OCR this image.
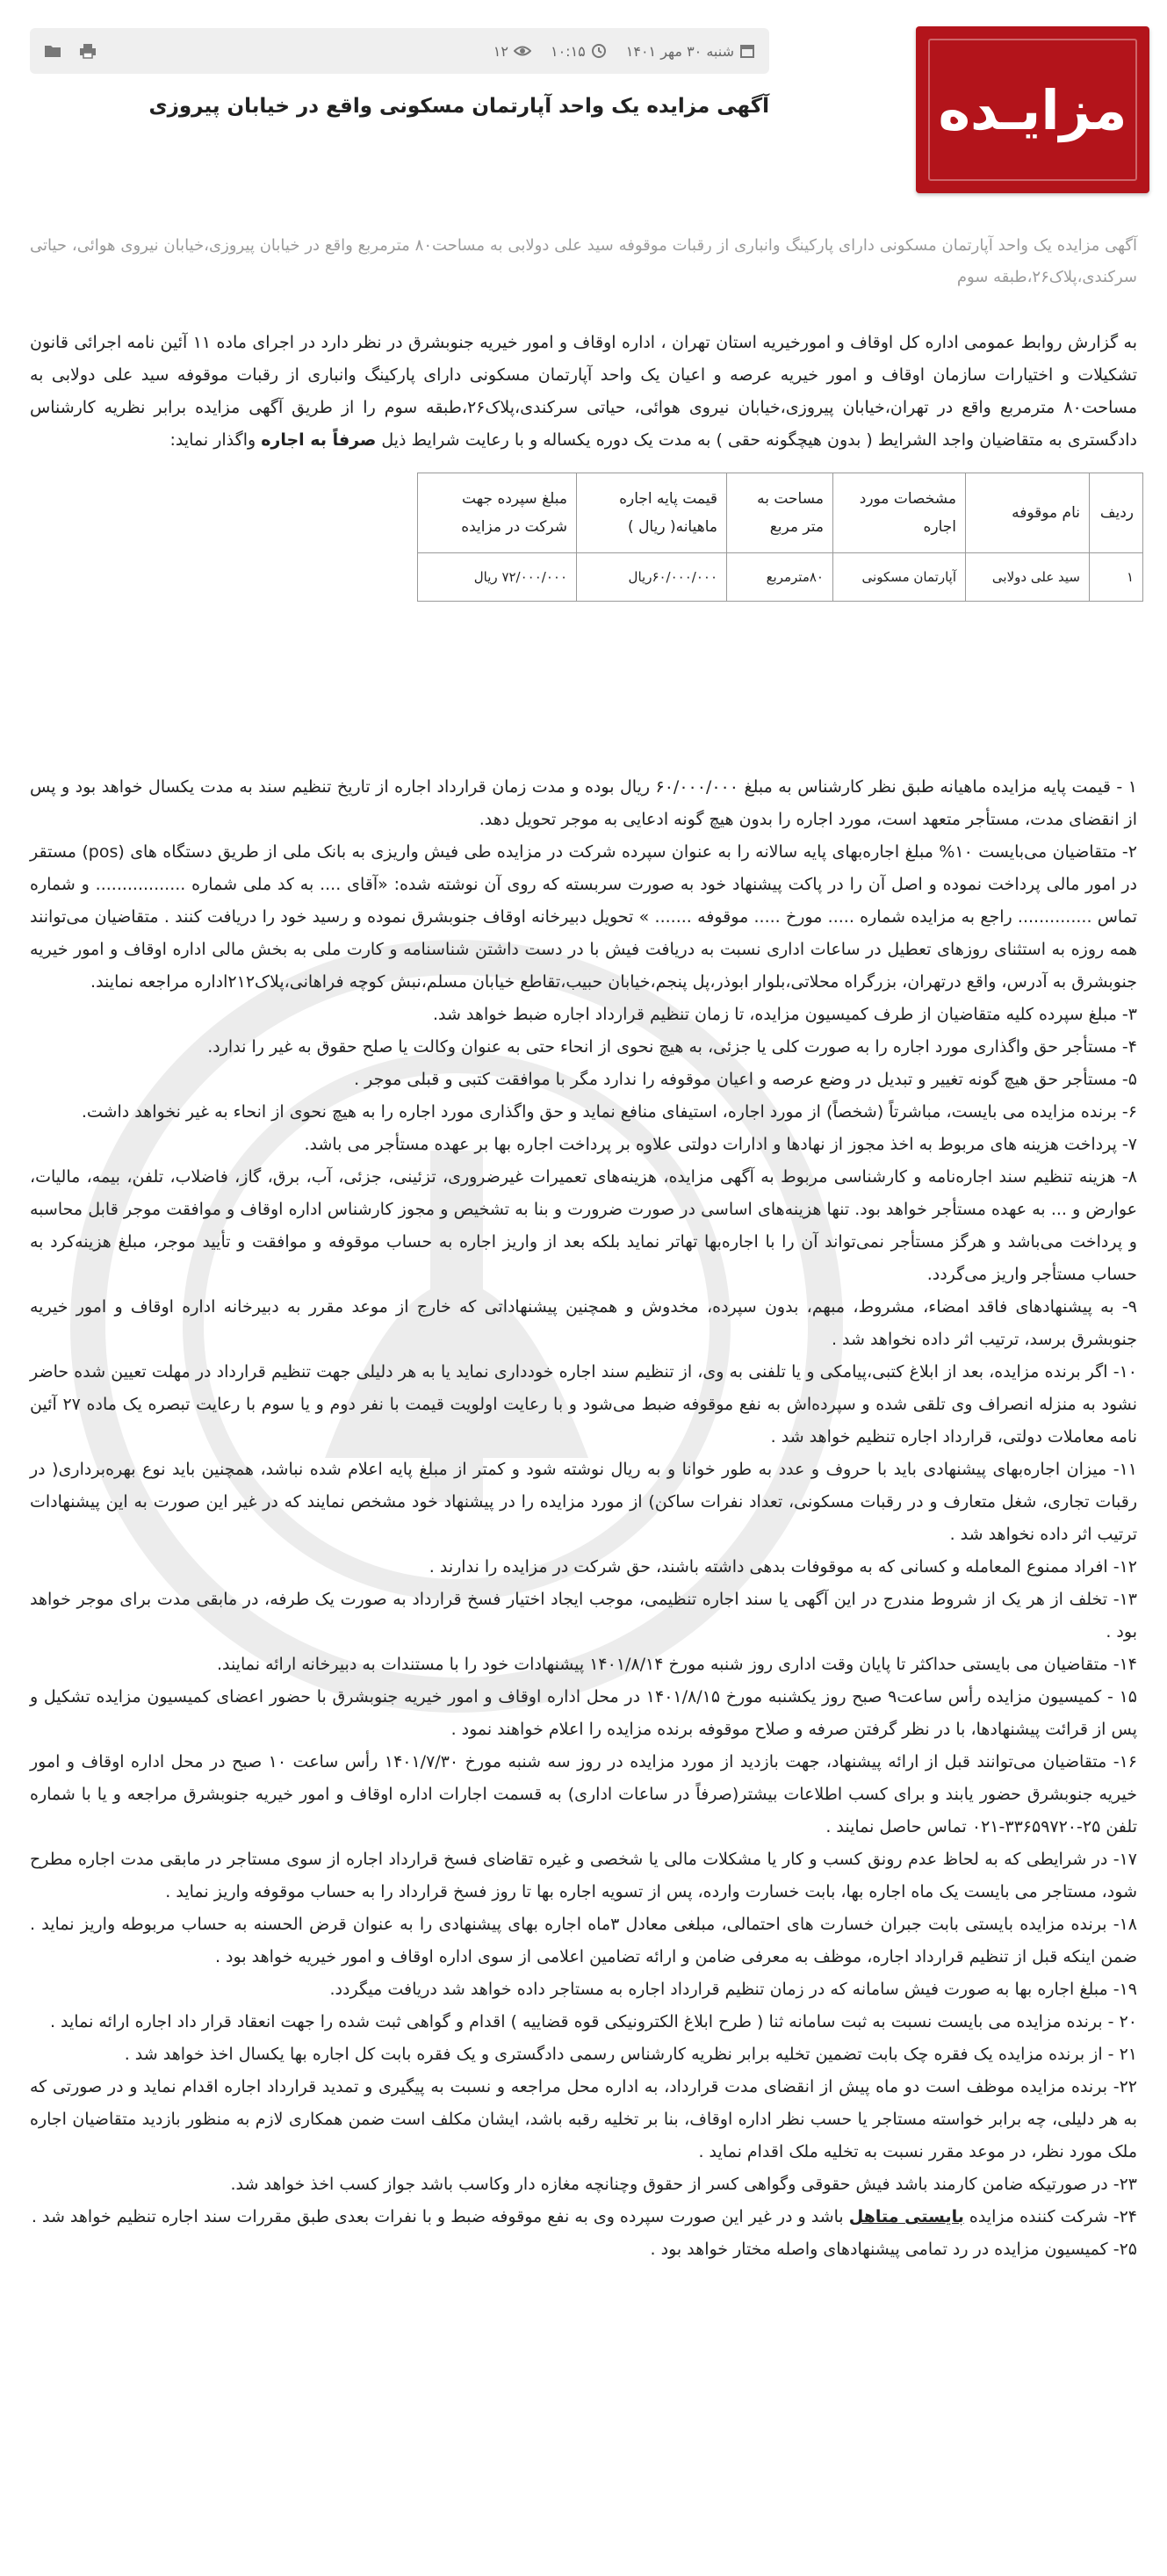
مزایـده
شنبه ۳۰ مهر ۱۴۰۱
۱۰:۱۵
۱۲
آگهی مزایده یک واحد آپارتمان مسکونی واقع در خیابان پیروزی
آگهی مزایده یک واحد آپارتمان مسکونی دارای پارکینگ وانباری از رقبات موقوفه سید علی دولابی به مساحت۸۰ مترمربع واقع در خیابان پیروزی،خیابان نیروی هوائی، حیاتی سرکندی،پلاک۲۶،طبقه سوم
به گزارش روابط عمومی اداره کل اوقاف و امورخیریه استان تهران ، اداره اوقاف و امور خیریه جنوبشرق در نظر دارد در اجرای ماده ۱۱ آئین نامه اجرائی قانون تشکیلات و اختیارات سازمان اوقاف و امور خیریه عرصه و اعیان یک واحد آپارتمان مسکونی دارای پارکینگ وانباری از رقبات موقوفه سید علی دولابی به مساحت۸۰ مترمربع واقع در تهران،خیابان پیروزی،خیابان نیروی هوائی، حیاتی سرکندی،پلاک۲۶،طبقه سوم را از طریق آگهی مزایده برابر نظریه کارشناس دادگستری به متقاضیان واجد الشرایط ( بدون هیچگونه حقی ) به مدت یک دوره یکساله و با رعایت شرایط ذیل صرفاً به اجاره واگذار نماید:
ردیف	نام موقوفه	مشخصات مورد اجاره	مساحت به متر مربع	قیمت پایه اجاره ماهیانه( ریال )	مبلغ سپرده جهت شرکت در مزایده	
۱	سید علی دولابی	آپارتمان مسکونی	۸۰مترمربع	۶۰/۰۰۰/۰۰۰ریال	۷۲/۰۰۰/۰۰۰ ریال	

۱ - قیمت پایه مزایده ماهیانه طبق نظر کارشناس به مبلغ ۶۰/۰۰۰/۰۰۰ ریال بوده و مدت زمان قرارداد اجاره از تاریخ تنظیم سند به مدت یکسال خواهد بود و پس از انقضای مدت، مستأجر متعهد است، مورد اجاره را بدون هیچ گونه ادعایی به موجر تحویل دهد.

۲- متقاضیان می‌بایست ۱۰% مبلغ اجاره‌بهای پایه سالانه را به عنوان سپرده شرکت در مزایده طی فیش واریزی به بانک ملی از طریق دستگاه های (pos) مستقر در امور مالی پرداخت نموده و اصل آن را در پاکت پیشنهاد خود به صورت سربسته که روی آن نوشته شده: «آقای .... به کد ملی شماره ................. و شماره تماس .............. راجع به مزایده شماره ..... مورخ ..... موقوفه ....... » تحویل دبیرخانه اوقاف جنوبشرق نموده و رسید خود را دریافت کنند . متقاضیان می‌توانند همه روزه به استثنای روزهای تعطیل در ساعات اداری نسبت به دریافت فیش با در دست داشتن شناسنامه و کارت ملی به بخش مالی اداره اوقاف و امور خیریه جنوبشرق به آدرس، واقع درتهران، بزرگراه محلاتی،بلوار ابوذر،پل پنجم،خیابان حبیب،تقاطع خیابان مسلم،نبش کوچه فراهانی،پلاک۲۱۲اداره مراجعه نمایند.

۳- مبلغ سپرده کلیه متقاضیان از طرف کمیسیون مزایده، تا زمان تنظیم قرارداد اجاره ضبط خواهد شد.

۴- مستأجر حق واگذاری مورد اجاره را به صورت کلی یا جزئی، به هیچ نحوی از انحاء حتی به عنوان وکالت یا صلح حقوق به غیر را ندارد.

۵- مستأجر حق هیچ گونه تغییر و تبدیل در وضع عرصه و اعیان موقوفه را ندارد مگر با موافقت کتبی و قبلی موجر .

۶- برنده مزایده می بایست، مباشرتاً (شخصاً) از مورد اجاره، استیفای منافع نماید و حق واگذاری مورد اجاره را به هیچ نحوی از انحاء به غیر نخواهد داشت.

۷- پرداخت هزینه های مربوط به اخذ مجوز از نهادها و ادارات دولتی علاوه بر پرداخت اجاره بها بر عهده مستأجر می باشد.

۸- هزینه تنظیم سند اجاره‌نامه و کارشناسی مربوط به آگهی مزایده، هزینه‌های تعمیرات غیرضروری، تزئینی، جزئی، آب، برق، گاز، فاضلاب، تلفن، بیمه، مالیات، عوارض و ... به عهده مستأجر خواهد بود. تنها هزینه‌های اساسی در صورت ضرورت و بنا به تشخیص و مجوز کارشناس اداره اوقاف و موافقت موجر قابل محاسبه و پرداخت می‌باشد و هرگز مستأجر نمی‌تواند آن را با اجاره‌بها تهاتر نماید بلکه بعد از واریز اجاره به حساب موقوفه و موافقت و تأیید موجر، مبلغ هزینه‌کرد به حساب مستأجر واریز می‌گردد.

۹- به پیشنهادهای فاقد امضاء، مشروط، مبهم، بدون سپرده، مخدوش و همچنین پیشنهاداتی که خارج از موعد مقرر به دبیرخانه اداره اوقاف و امور خیریه جنوبشرق برسد، ترتیب اثر داده نخواهد شد .

۱۰- اگر برنده مزایده، بعد از ابلاغ کتبی،پیامکی و یا تلفنی به وی، از تنظیم سند اجاره خودداری نماید یا به هر دلیلی جهت تنظیم قرارداد در مهلت تعیین شده حاضر نشود به منزله انصراف وی تلقی شده و سپرده‌اش به نفع موقوفه ضبط می‌شود و با رعایت اولویت قیمت با نفر دوم و یا سوم با رعایت تبصره یک ماده ۲۷ آئین نامه معاملات دولتی، قرارداد اجاره تنظیم خواهد شد .

۱۱- میزان اجاره‌بهای پیشنهادی باید با حروف و عدد به طور خوانا و به ریال نوشته شود و کمتر از مبلغ پایه اعلام شده نباشد، همچنین باید نوع بهره‌برداری( در رقبات تجاری، شغل متعارف و در رقبات مسکونی، تعداد نفرات ساکن) از مورد مزایده را در پیشنهاد خود مشخص نمایند که در غیر این صورت به این پیشنهادات ترتیب اثر داده نخواهد شد .

۱۲- افراد ممنوع المعامله و کسانی که به موقوفات بدهی داشته باشند، حق شرکت در مزایده را ندارند .

۱۳- تخلف از هر یک از شروط مندرج در این آگهی یا سند اجاره تنظیمی، موجب ایجاد اختیار فسخ قرارداد به صورت یک طرفه، در مابقی مدت برای موجر خواهد بود .

۱۴- متقاضیان می بایستی حداکثر تا پایان وقت اداری روز شنبه مورخ ۱۴۰۱/۸/۱۴ پیشنهادات خود را با مستندات به دبیرخانه ارائه نمایند.

۱۵ - کمیسیون مزایده رأس ساعت۹ صبح روز یکشنبه مورخ ۱۴۰۱/۸/۱۵ در محل اداره اوقاف و امور خیریه جنوبشرق با حضور اعضای کمیسیون مزایده تشکیل و پس از قرائت پیشنهادها، با در نظر گرفتن صرفه و صلاح موقوفه برنده مزایده را اعلام خواهند نمود .

۱۶- متقاضیان می‌توانند قبل از ارائه پیشنهاد، جهت بازدید از مورد مزایده در روز سه شنبه مورخ ۱۴۰۱/۷/۳۰ رأس ساعت ۱۰ صبح در محل اداره اوقاف و امور خیریه جنوبشرق حضور یابند و برای کسب اطلاعات بیشتر(صرفاً در ساعات اداری) به قسمت اجارات اداره اوقاف و امور خیریه جنوبشرق مراجعه و یا با شماره تلفن ۲۵-۳۳۶۵۹۷۲۰-۰۲۱ تماس حاصل نمایند .

۱۷- در شرایطی که به لحاظ عدم رونق کسب و کار یا مشکلات مالی یا شخصی و غیره تقاضای فسخ قرارداد اجاره از سوی مستاجر در مابقی مدت اجاره مطرح شود، مستاجر می بایست یک ماه اجاره بها، بابت خسارت وارده، پس از تسویه اجاره بها تا روز فسخ قرارداد را به حساب موقوفه واریز نماید .

۱۸- برنده مزایده بایستی بابت جبران خسارت های احتمالی، مبلغی معادل ۳ماه اجاره بهای پیشنهادی را به عنوان قرض الحسنه به حساب مربوطه واریز نماید . ضمن اینکه قبل از تنظیم قرارداد اجاره، موظف به معرفی ضامن و ارائه تضامین اعلامی از سوی اداره اوقاف و امور خیریه خواهد بود .

۱۹- مبلغ اجاره بها به صورت فیش سامانه که در زمان تنظیم قرارداد اجاره به مستاجر داده خواهد شد دریافت میگردد.

۲۰ - برنده مزایده می بایست نسبت به ثبت سامانه ثنا ( طرح ابلاغ الکترونیکی قوه قضاییه ) اقدام و گواهی ثبت شده را جهت انعقاد قرار داد اجاره ارائه نماید .

۲۱ - از برنده مزایده یک فقره چک بابت تضمین تخلیه برابر نظریه کارشناس رسمی دادگستری و یک فقره بابت کل اجاره بها یکسال اخذ خواهد شد .

۲۲- برنده مزایده موظف است دو ماه پیش از انقضای مدت قرارداد، به اداره محل مراجعه و نسبت به پیگیری و تمدید قرارداد اجاره اقدام نماید و در صورتی که به هر دلیلی، چه برابر خواسته مستاجر یا حسب نظر اداره اوقاف، بنا بر تخلیه رقبه باشد، ایشان مکلف است ضمن همکاری لازم به منظور بازدید متقاضیان اجاره ملک مورد نظر، در موعد مقرر نسبت به تخلیه ملک اقدام نماید .

۲۳- در صورتیکه ضامن کارمند باشد فیش حقوقی وگواهی کسر از حقوق وچنانچه مغازه دار وکاسب باشد جواز کسب اخذ خواهد شد.

۲۴- شرکت کننده مزایده بایستی متاهل باشد و در غیر این صورت سپرده وی به نفع موقوفه ضبط و با نفرات بعدی طبق مقررات سند اجاره تنظیم خواهد شد .

۲۵- کمیسیون مزایده در رد تمامی پیشنهادهای واصله مختار خواهد بود .
